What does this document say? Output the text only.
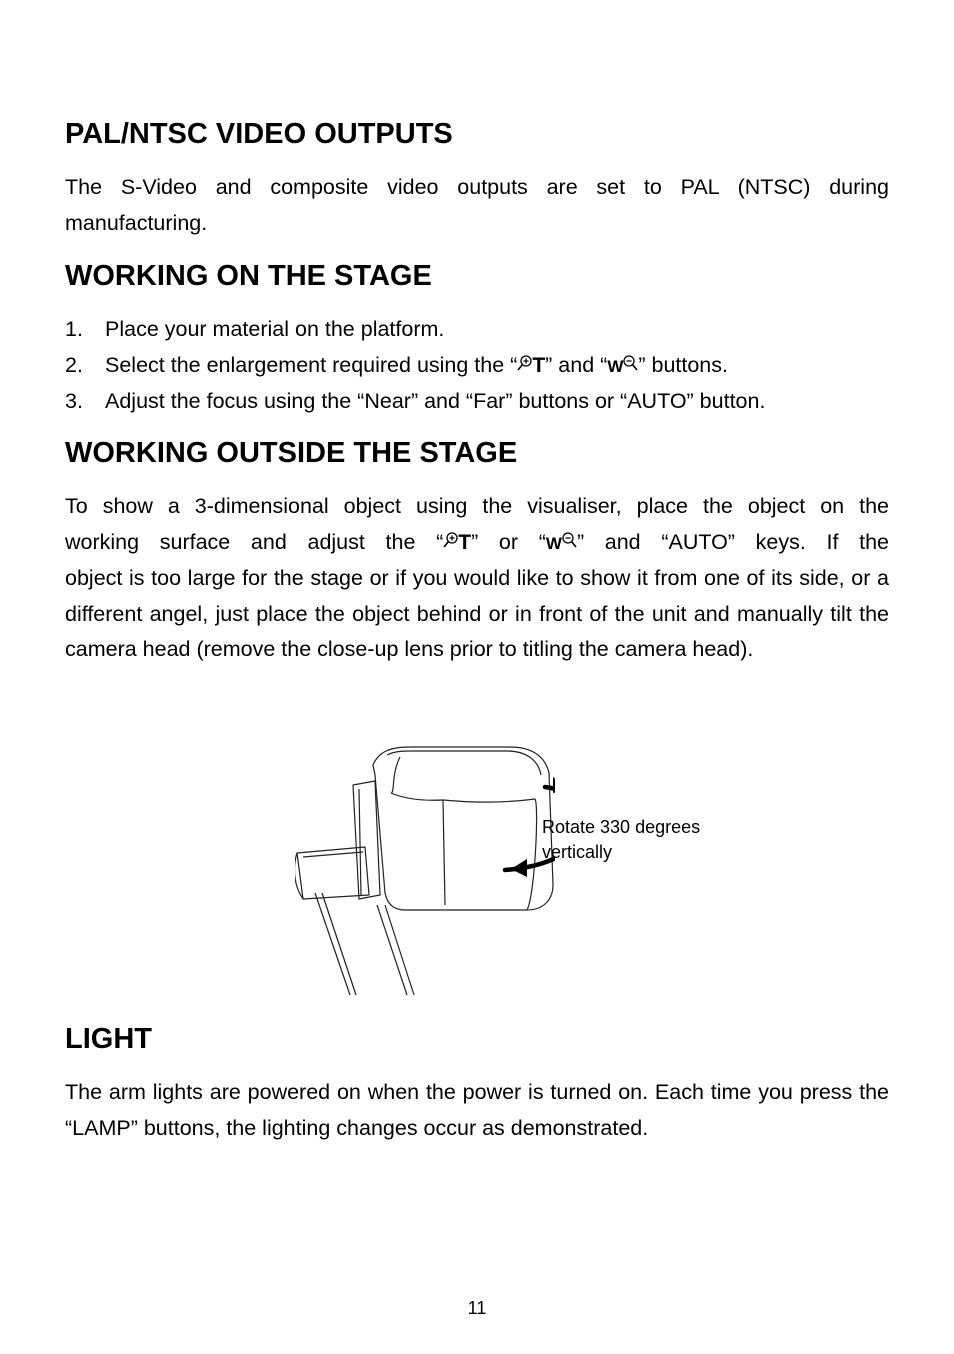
PAL/NTSC VIDEO OUTPUTS

The S-Video and composite video outputs are set to PAL (NTSC) during manufacturing.

WORKING ON THE STAGE
1. Place your material on the platform.
2. Select the enlargement required using the “ T ” and “ W ” buttons.
3. Adjust the focus using the “Near” and “Far” buttons or “AUTO” button.
WORKING OUTSIDE THE STAGE
To show a 3-dimensional object using the visualiser, place the object on the
working surface and adjust the “ T ” or “ W ” and “AUTO” keys. If the
object is too large for the stage or if you would like to show it from one of its side, or a different angel, just place the object behind or in front of the unit and manually tilt the camera head (remove the close-up lens prior to titling the camera head).
Rotate 330 degrees
vertically
LIGHT

The arm lights are powered on when the power is turned on. Each time you press the “LAMP” buttons, the lighting changes occur as demonstrated.

11
